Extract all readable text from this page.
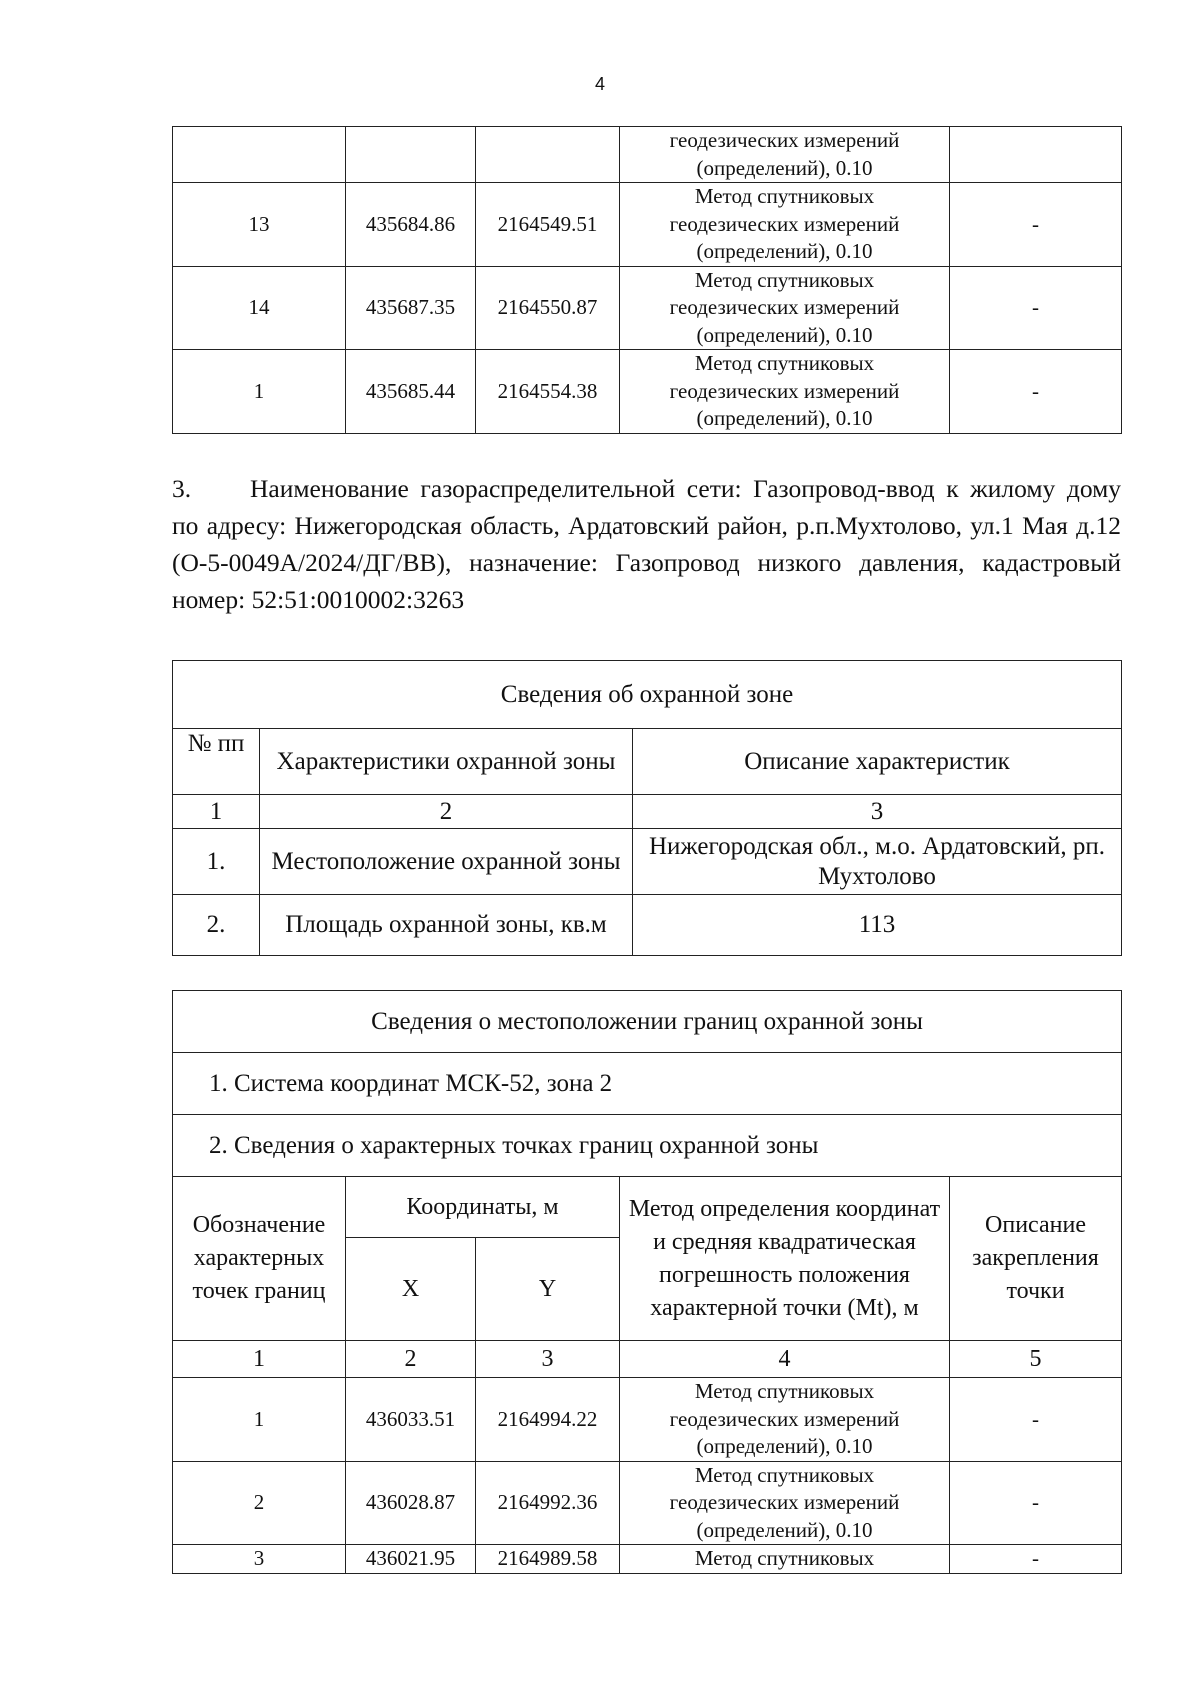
4

			геодезических измерений
(определений), 0.10	

13	435684.86	2164549.51	Метод спутниковых
геодезических измерений
(определений), 0.10	-
14	435687.35	2164550.87	Метод спутниковых
геодезических измерений
(определений), 0.10	-
1	435685.44	2164554.38	Метод спутниковых
геодезических измерений
(определений), 0.10	-

3. Наименование газораспределительной сети: Газопровод-ввод к жилому дому по адресу: Нижегородская область, Ардатовский район, р.п.Мухтолово, ул.1 Мая д.12 (О-5-0049А/2024/ДГ/ВВ), назначение: Газопровод низкого давления, кадастровый номер: 52:51:0010002:3263

Сведения об охранной зоне		
№ пп	Характеристики охранной зоны	Описание характеристик
1	2	3
1.	Местоположение охранной зоны	Нижегородская обл., м.о. Ардатовский, рп. Мухтолово
2.	Площадь охранной зоны, кв.м	113
Сведения о местоположении границ охранной зоны				
1. Система координат МСК-52, зона 2				
2. Сведения о характерных точках границ охранной зоны				
Обозначение характерных точек границ	Координаты, м		Метод определения координат и средняя квадратическая погрешность положения характерной точки (Mt), м	Описание закрепления точки
	X	Y		
1	2	3	4	5
1	436033.51	2164994.22	Метод спутниковых
геодезических измерений
(определений), 0.10	-
2	436028.87	2164992.36	Метод спутниковых
геодезических измерений
(определений), 0.10	-
3	436021.95	2164989.58	Метод спутниковых	-
